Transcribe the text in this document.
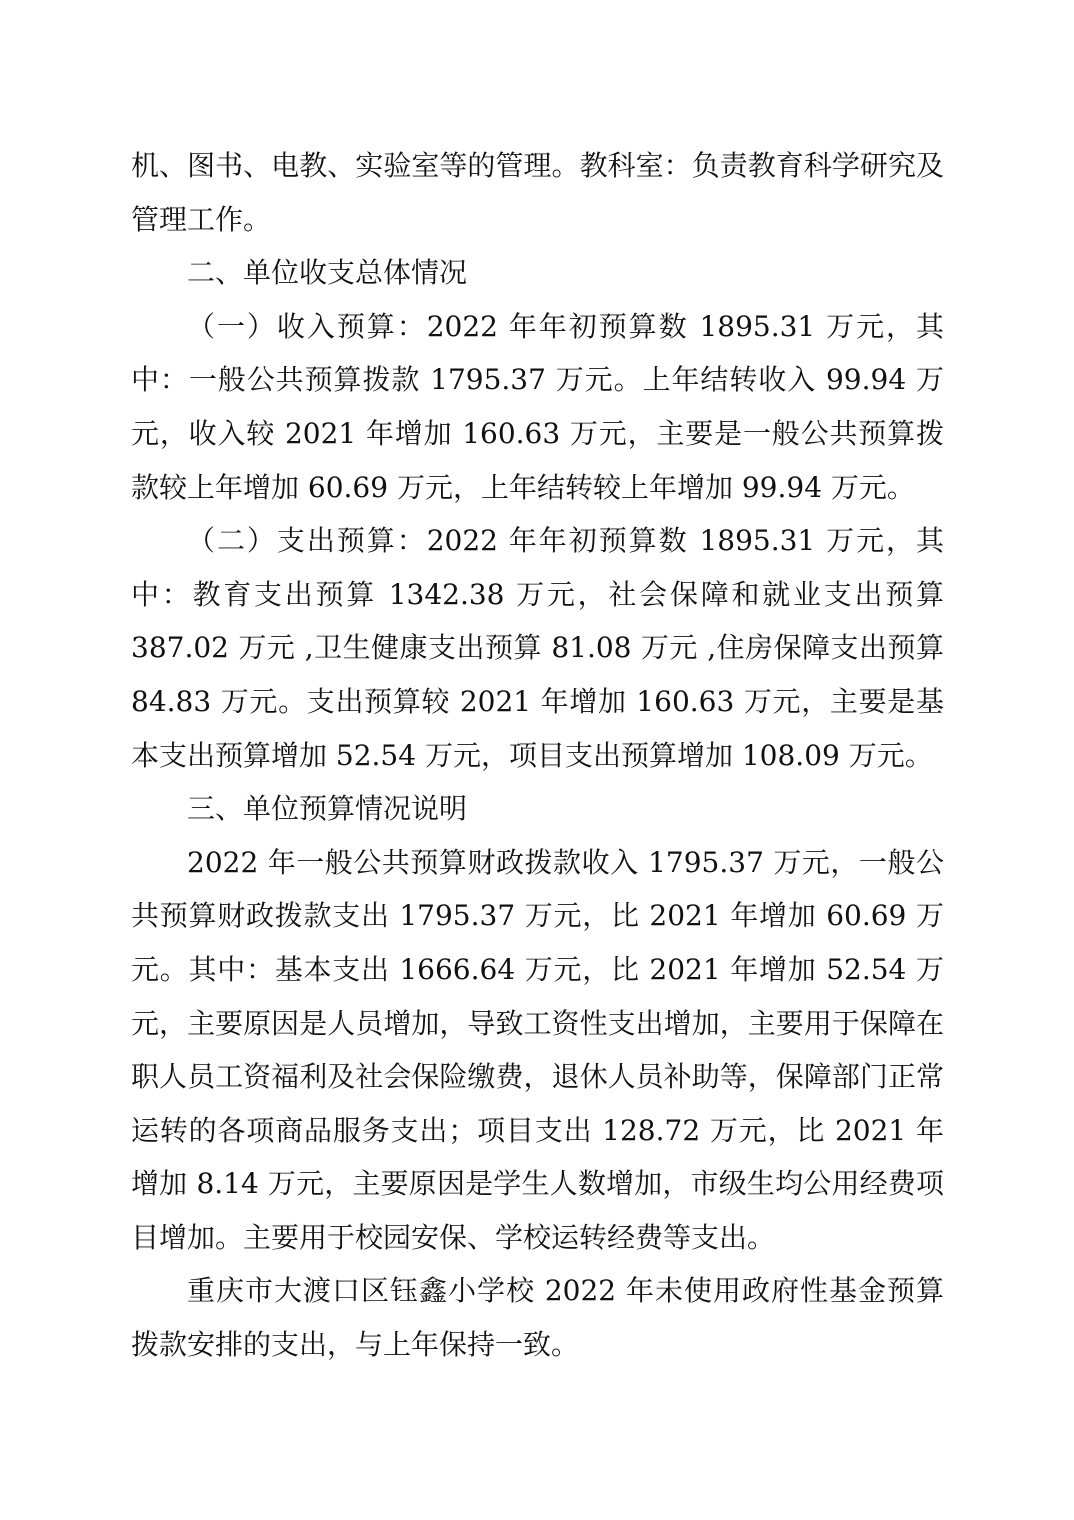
机、图书、电教、实验室等的管理。教科室：负责教育科学研究及管理工作。

二、单位收支总体情况

（一）收入预算：2022 年年初预算数 1895.31 万元，其中：一般公共预算拨款 1795.37 万元。上年结转收入 99.94 万元，收入较 2021 年增加 160.63 万元，主要是一般公共预算拨款较上年增加 60.69 万元，上年结转较上年增加 99.94 万元。

（二）支出预算：2022 年年初预算数 1895.31 万元，其中：教育支出预算 1342.38 万元，社会保障和就业支出预算 387.02 万元 ,卫生健康支出预算 81.08 万元 ,住房保障支出预算 84.83 万元。支出预算较 2021 年增加 160.63 万元，主要是基本支出预算增加 52.54 万元，项目支出预算增加 108.09 万元。

三、单位预算情况说明

2022 年一般公共预算财政拨款收入 1795.37 万元，一般公共预算财政拨款支出 1795.37 万元，比 2021 年增加 60.69 万元。其中：基本支出 1666.64 万元，比 2021 年增加 52.54 万元，主要原因是人员增加，导致工资性支出增加，主要用于保障在职人员工资福利及社会保险缴费，退休人员补助等，保障部门正常运转的各项商品服务支出；项目支出 128.72 万元，比 2021 年增加 8.14 万元，主要原因是学生人数增加，市级生均公用经费项目增加。主要用于校园安保、学校运转经费等支出。

重庆市大渡口区钰鑫小学校 2022 年未使用政府性基金预算拨款安排的支出，与上年保持一致。
